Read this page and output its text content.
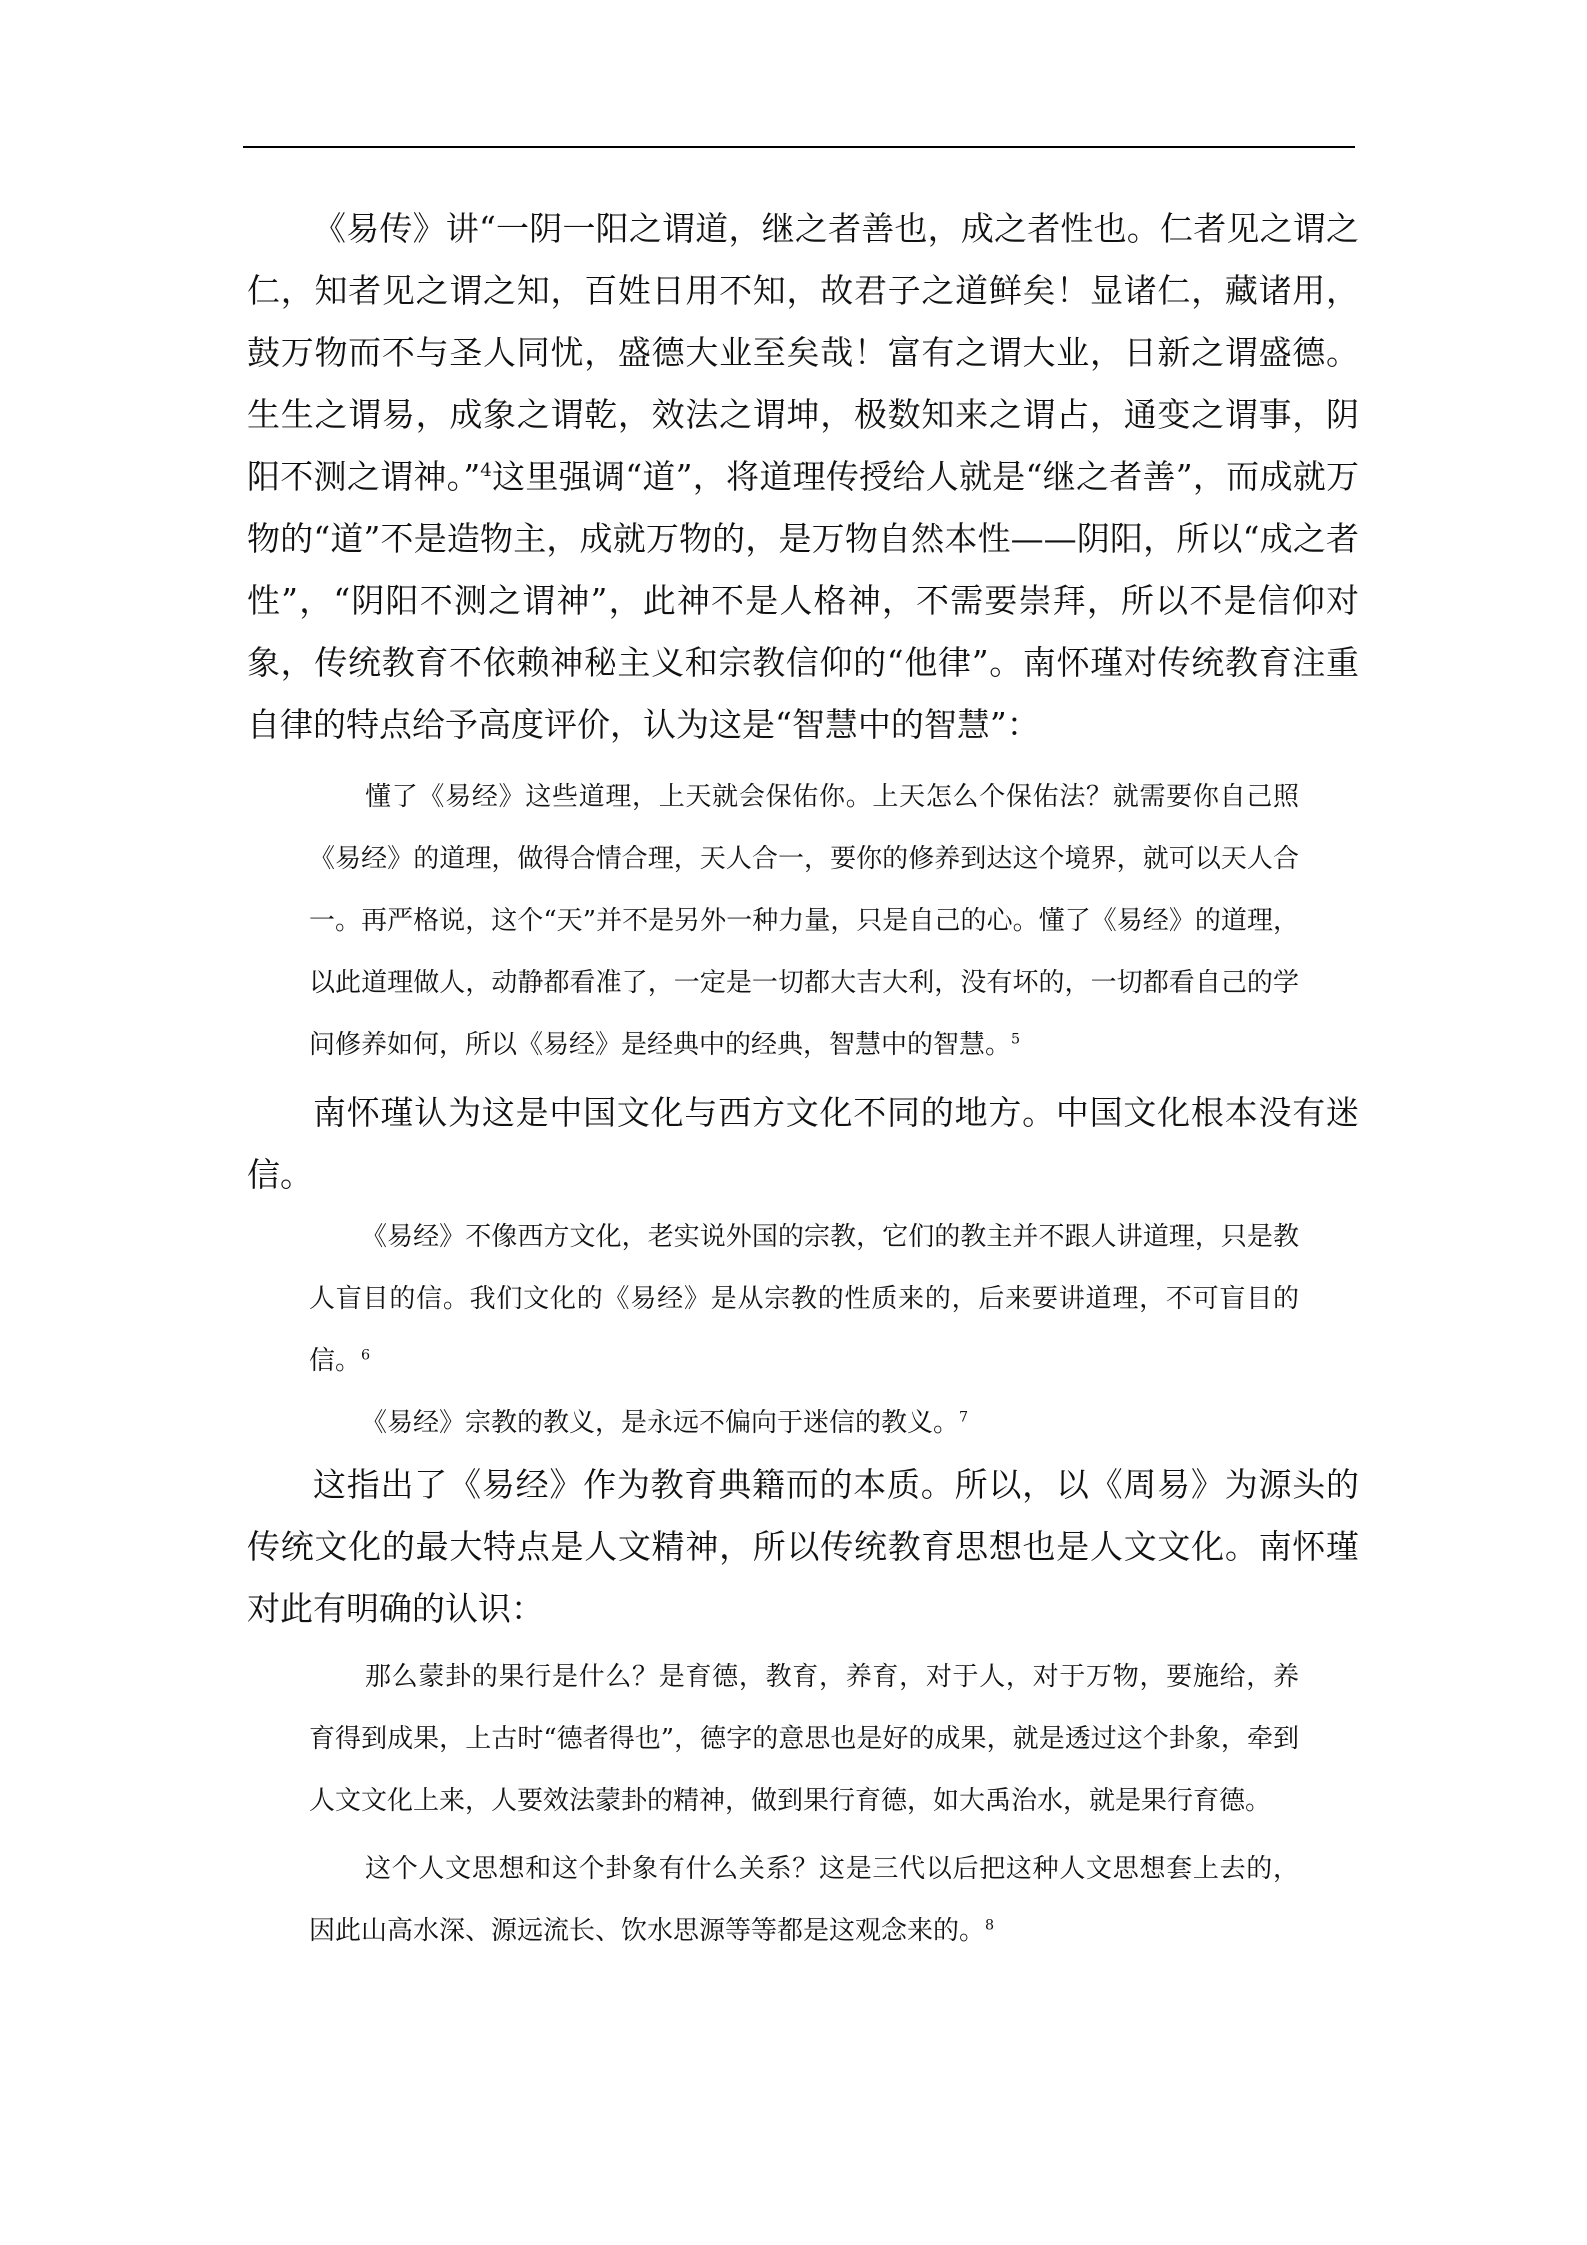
《易传》讲“一阴一阳之谓道，继之者善也，成之者性也。仁者见之谓之仁，知者见之谓之知，百姓日用不知，故君子之道鲜矣！显诸仁，藏诸用，鼓万物而不与圣人同忧，盛德大业至矣哉！富有之谓大业，日新之谓盛德。生生之谓易，成象之谓乾，效法之谓坤，极数知来之谓占，通变之谓事，阴阳不测之谓神。”$^4$这里强调“道”，将道理传授给人就是“继之者善”，而成就万物的“道”不是造物主，成就万物的，是万物自然本性——阴阳，所以“成之者性”，“阴阳不测之谓神”，此神不是人格神，不需要崇拜，所以不是信仰对象，传统教育不依赖神秘主义和宗教信仰的“他律”。南怀瑾对传统教育注重自律的特点给予高度评价，认为这是“智慧中的智慧”：

懂了《易经》这些道理，上天就会保佑你。上天怎么个保佑法？就需要你自己照《易经》的道理，做得合情合理，天人合一，要你的修养到达这个境界，就可以天人合一。再严格说，这个“天”并不是另外一种力量，只是自己的心。懂了《易经》的道理，以此道理做人，动静都看准了，一定是一切都大吉大利，没有坏的，一切都看自己的学问修养如何，所以《易经》是经典中的经典，智慧中的智慧。$^5$

南怀瑾认为这是中国文化与西方文化不同的地方。中国文化根本没有迷信。

《易经》不像西方文化，老实说外国的宗教，它们的教主并不跟人讲道理，只是教人盲目的信。我们文化的《易经》是从宗教的性质来的，后来要讲道理，不可盲目的信。$^6$

《易经》宗教的教义，是永远不偏向于迷信的教义。$^7$

这指出了《易经》作为教育典籍而的本质。所以，以《周易》为源头的传统文化的最大特点是人文精神，所以传统教育思想也是人文文化。南怀瑾对此有明确的认识：

那么蒙卦的果行是什么？是育德，教育，养育，对于人，对于万物，要施给，养育得到成果，上古时“德者得也”，德字的意思也是好的成果，就是透过这个卦象，牵到人文文化上来，人要效法蒙卦的精神，做到果行育德，如大禹治水，就是果行育德。

这个人文思想和这个卦象有什么关系？这是三代以后把这种人文思想套上去的，因此山高水深、源远流长、饮水思源等等都是这观念来的。$^8$
